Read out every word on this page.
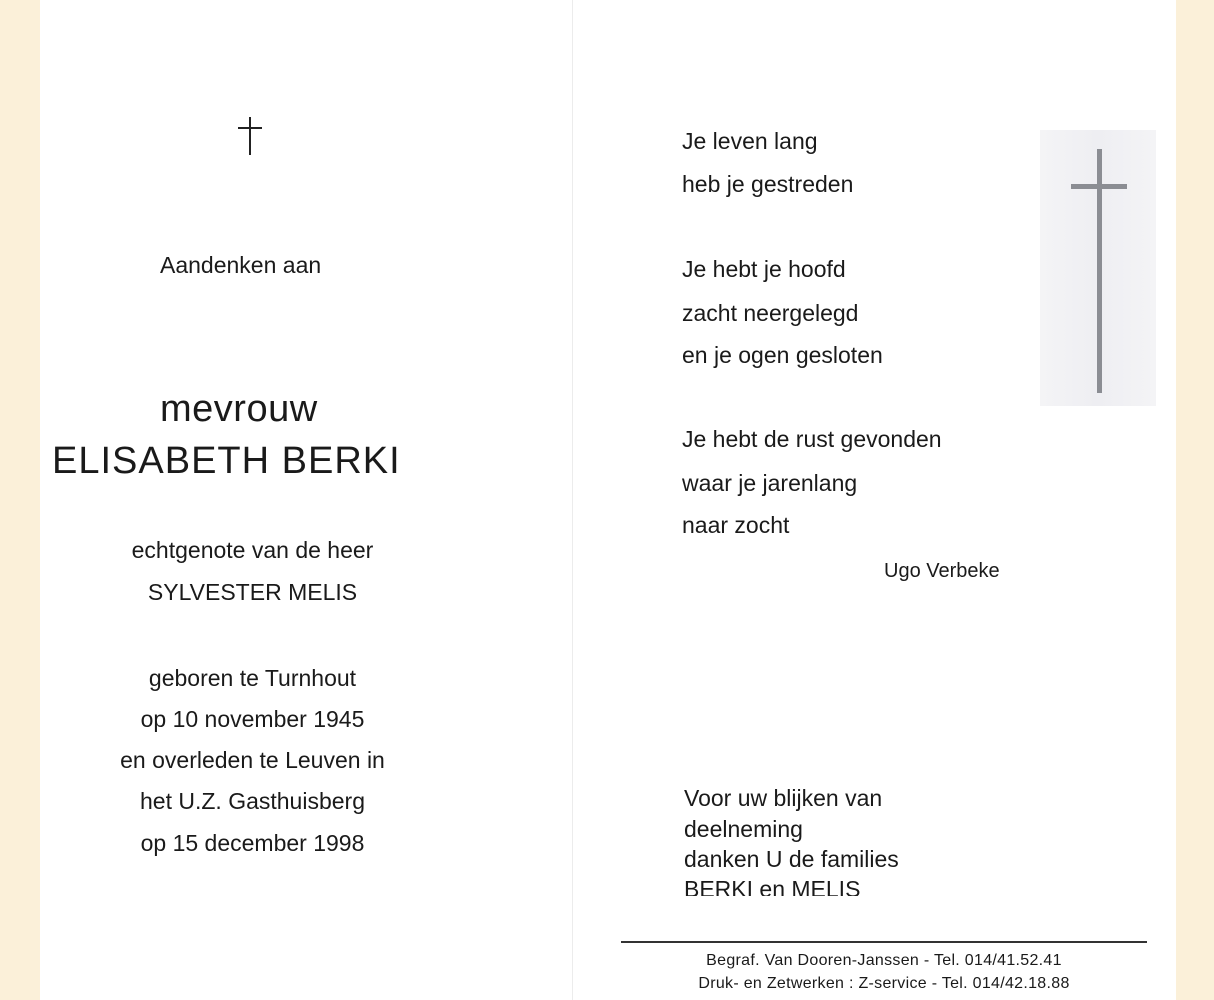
Aandenken aan
mevrouw
ELISABETH BERKI
echtgenote van de heer
SYLVESTER MELIS
geboren te Turnhout
op 10 november 1945
en overleden te Leuven in
het U.Z. Gasthuisberg
op 15 december 1998
Je leven lang
heb je gestreden
Je hebt je hoofd
zacht neergelegd
en je ogen gesloten
Je hebt de rust gevonden
waar je jarenlang
naar zocht
Ugo Verbeke
Voor uw blijken van
deelneming
danken U de families
BERKI en MELIS
Begraf. Van Dooren-Janssen - Tel. 014/41.52.41
Druk- en Zetwerken : Z-service - Tel. 014/42.18.88
